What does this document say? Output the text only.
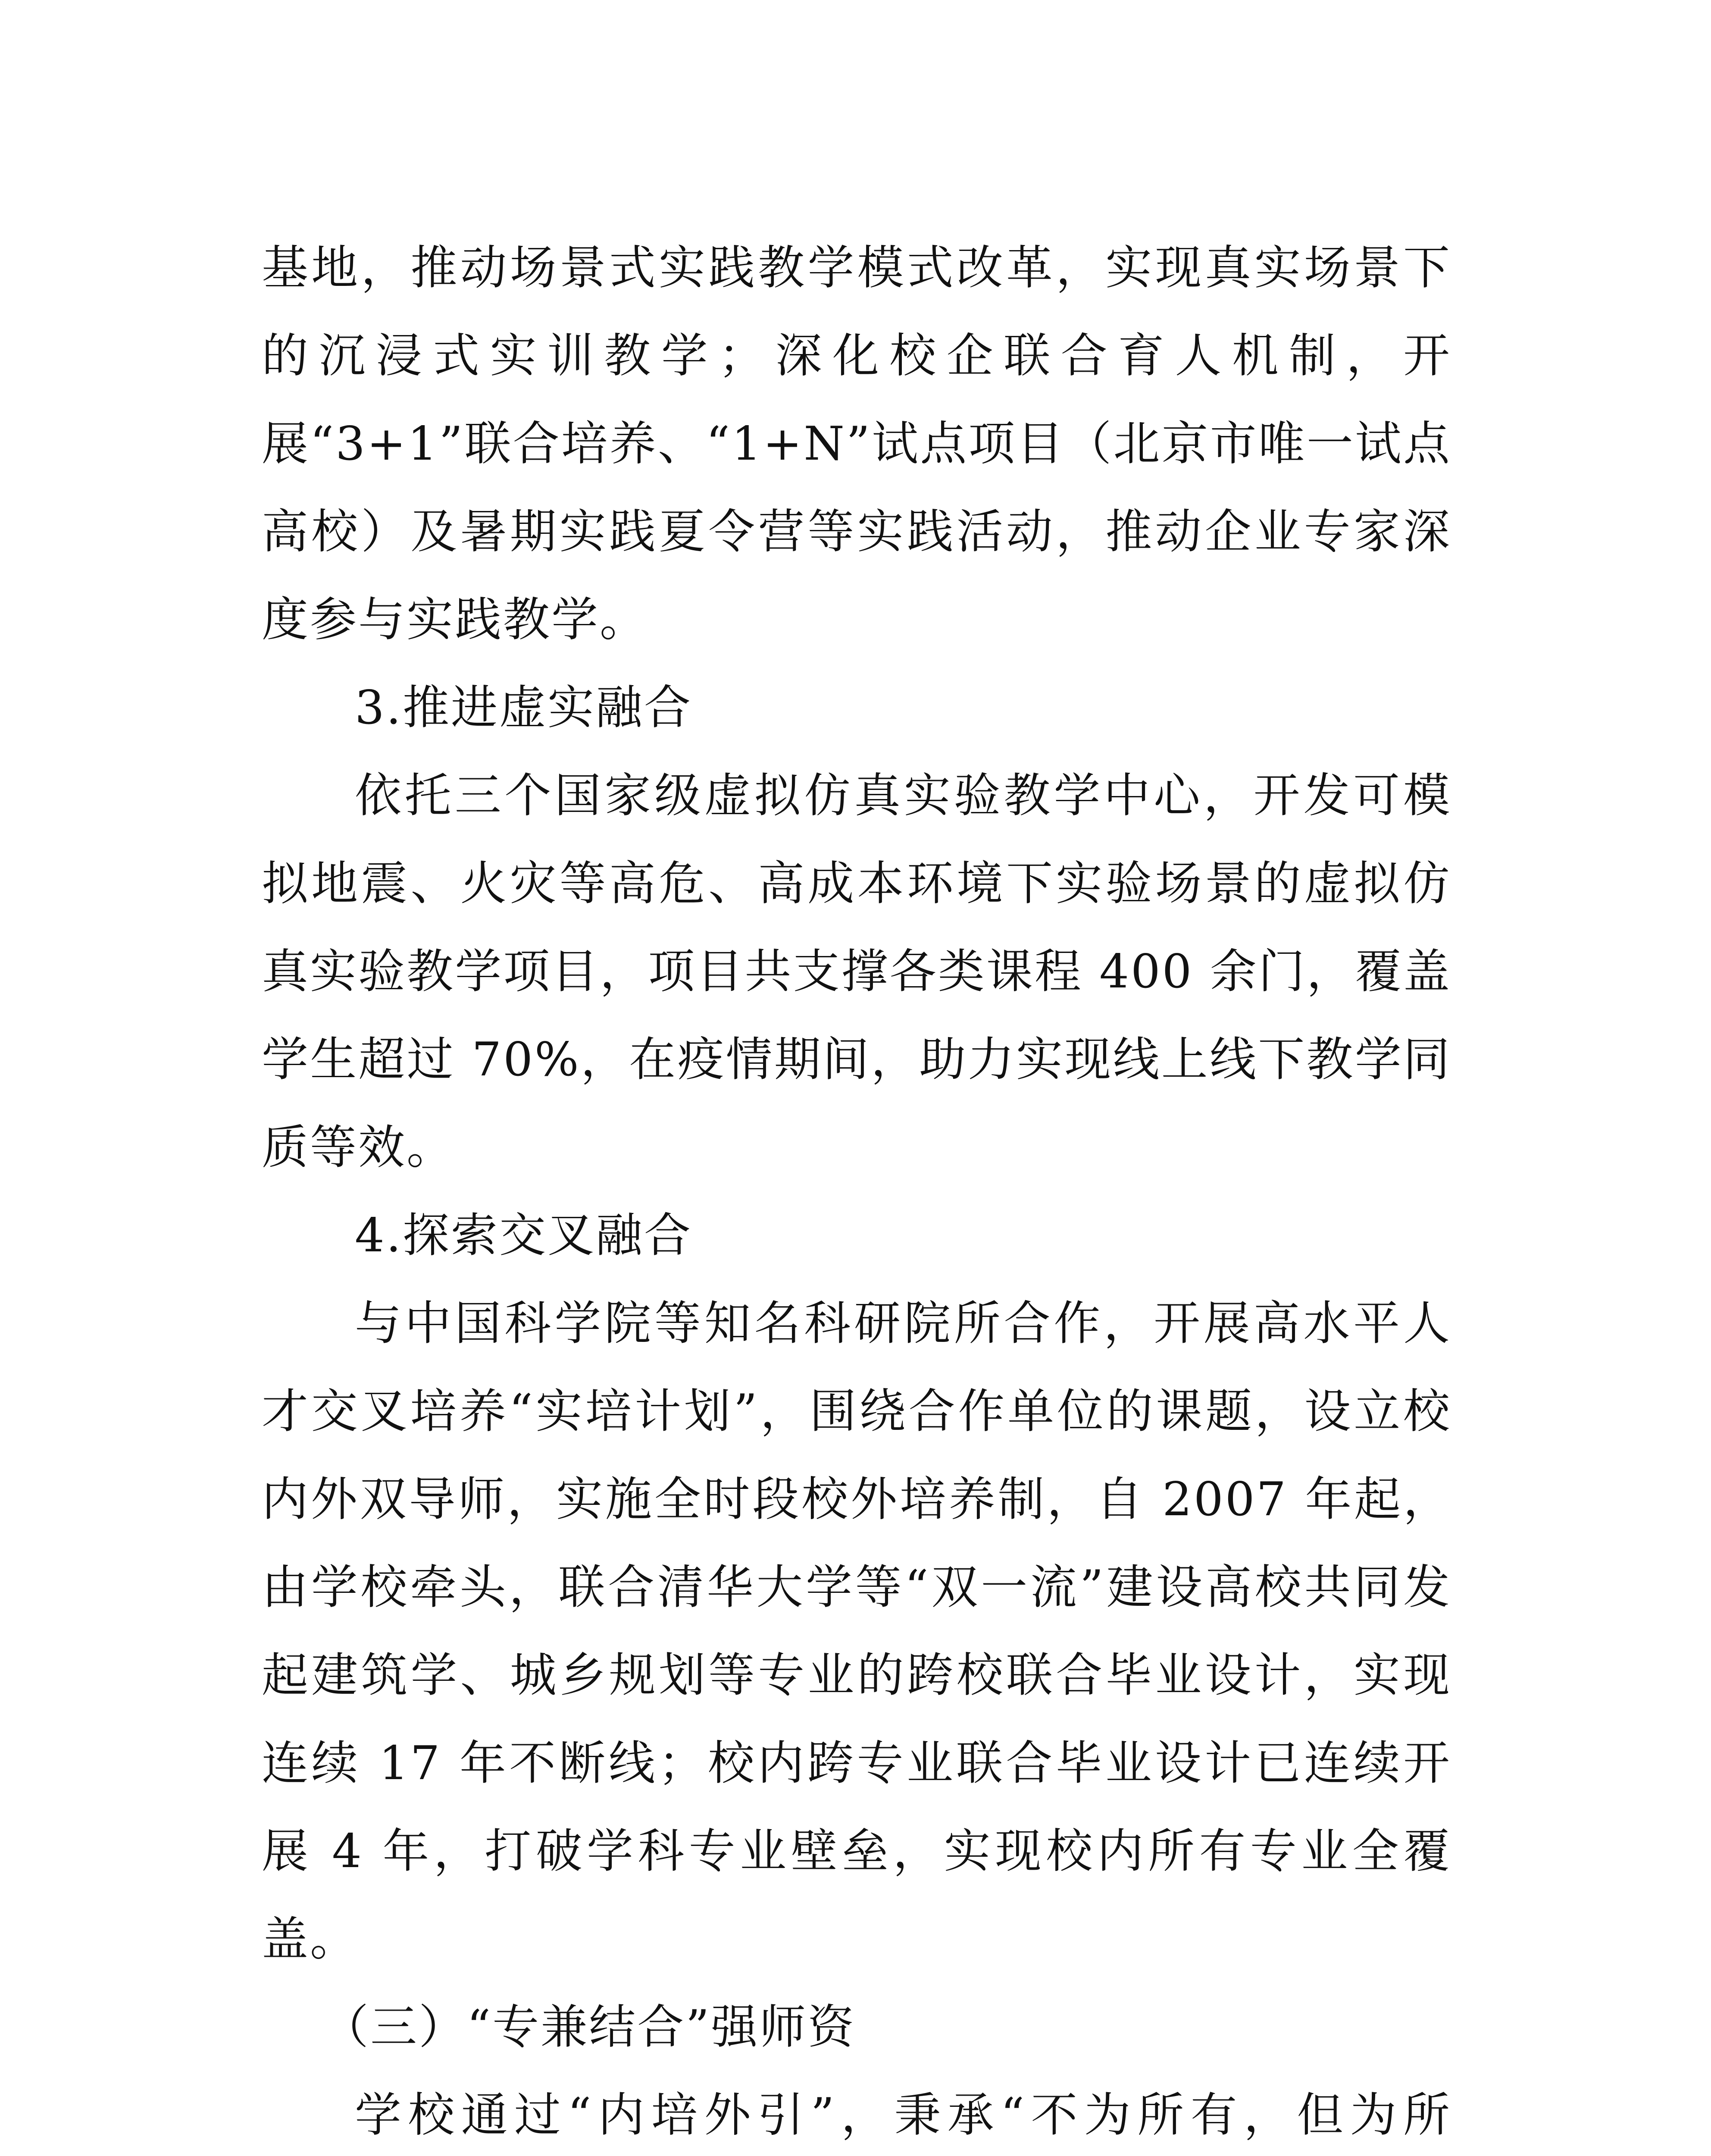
基地，推动场景式实践教学模式改革，实现真实场景下的沉浸式实训教学；深化校企联合育人机制，开展“3+1”联合培养、“1+N”试点项目（北京市唯一试点高校）及暑期实践夏令营等实践活动，推动企业专家深度参与实践教学。

3.推进虚实融合

依托三个国家级虚拟仿真实验教学中心，开发可模拟地震、火灾等高危、高成本环境下实验场景的虚拟仿真实验教学项目，项目共支撑各类课程 400 余门，覆盖学生超过 70%，在疫情期间，助力实现线上线下教学同质等效。

4.探索交叉融合

与中国科学院等知名科研院所合作，开展高水平人才交叉培养“实培计划”，围绕合作单位的课题，设立校内外双导师，实施全时段校外培养制，自 2007 年起，由学校牵头，联合清华大学等“双一流”建设高校共同发起建筑学、城乡规划等专业的跨校联合毕业设计，实现连续 17 年不断线；校内跨专业联合毕业设计已连续开展 4 年，打破学科专业壁垒，实现校内所有专业全覆盖。

（三）“专兼结合”强师资

学校通过“内培外引”，秉承“不为所有，但为所
